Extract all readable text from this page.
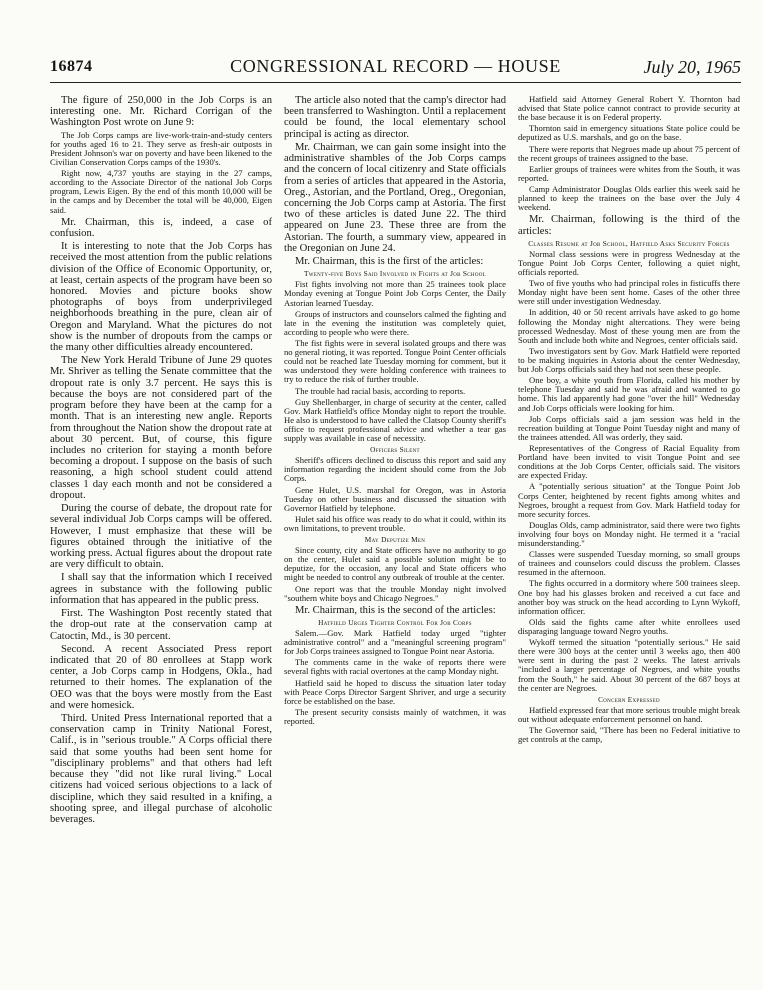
16874	CONGRESSIONAL RECORD — HOUSE	July 20, 1965

The figure of 250,000 in the Job Corps is an interesting one. Mr. Richard Corrigan of the Washington Post wrote on June 9:

The Job Corps camps are live-work-train-and-study centers for youths aged 16 to 21. They serve as fresh-air outposts in President Johnson's war on poverty and have been likened to the Civilian Conservation Corps camps of the 1930's.

Right now, 4,737 youths are staying in the 27 camps, according to the Associate Director of the national Job Corps program, Lewis Eigen. By the end of this month 10,000 will be in the camps and by December the total will be 40,000, Eigen said.

Mr. Chairman, this is, indeed, a case of confusion.

It is interesting to note that the Job Corps has received the most attention from the public relations division of the Office of Economic Opportunity, or, at least, certain aspects of the program have been so honored. Movies and picture books show photographs of boys from underprivileged neighborhoods breathing in the pure, clean air of Oregon and Maryland. What the pictures do not show is the number of dropouts from the camps or the many other difficulties already encountered.

The New York Herald Tribune of June 29 quotes Mr. Shriver as telling the Senate committee that the dropout rate is only 3.7 percent. He says this is because the boys are not considered part of the program before they have been at the camp for a month. That is an interesting new angle. Reports from throughout the Nation show the dropout rate at about 30 percent. But, of course, this figure includes no criterion for staying a month before becoming a dropout. I suppose on the basis of such reasoning, a high school student could attend classes 1 day each month and not be considered a dropout.

During the course of debate, the dropout rate for several individual Job Corps camps will be offered. However, I must emphasize that these will be figures obtained through the initiative of the working press. Actual figures about the dropout rate are very difficult to obtain.

I shall say that the information which I received agrees in substance with the following public information that has appeared in the public press.

First. The Washington Post recently stated that the drop-out rate at the conservation camp at Catoctin, Md., is 30 percent.

Second. A recent Associated Press report indicated that 20 of 80 enrollees at Stapp work center, a Job Corps camp in Hodgens, Okla., had returned to their homes. The explanation of the OEO was that the boys were mostly from the East and were homesick.

Third. United Press International reported that a conservation camp in Trinity National Forest, Calif., is in "serious trouble." A Corps official there said that some youths had been sent home for "disciplinary problems" and that others had left because they "did not like rural living." Local citizens had voiced serious objections to a lack of discipline, which they said resulted in a knifing, a shooting spree, and illegal purchase of alcoholic beverages.

The article also noted that the camp's director had been transferred to Washington. Until a replacement could be found, the local elementary school principal is acting as director.

Mr. Chairman, we can gain some insight into the administrative shambles of the Job Corps camps and the concern of local citizenry and State officials from a series of articles that appeared in the Astoria, Oreg., Astorian, and the Portland, Oreg., Oregonian, concerning the Job Corps camp at Astoria. The first two of these articles is dated June 22. The third appeared on June 23. These three are from the Astorian. The fourth, a summary view, appeared in the Oregonian on June 24.

Mr. Chairman, this is the first of the articles:

Twenty-five Boys Said Involved in Fights at Job School

Fist fights involving not more than 25 trainees took place Monday evening at Tongue Point Job Corps Center, the Daily Astorian learned Tuesday.

Groups of instructors and counselors calmed the fighting and late in the evening the institution was completely quiet, according to people who were there.

The fist fights were in several isolated groups and there was no general rioting, it was reported. Tongue Point Center officials could not be reached late Tuesday morning for comment, but it was understood they were holding conference with trainees to try to reduce the risk of further trouble.

The trouble had racial basis, according to reports.

Guy Shellenbarger, in charge of security at the center, called Gov. Mark Hatfield's office Monday night to report the trouble. He also is understood to have called the Clatsop County sheriff's office to request professional advice and whether a tear gas supply was available in case of necessity.

Officers Silent

Sheriff's officers declined to discuss this report and said any information regarding the incident should come from the Job Corps.

Gene Hulet, U.S. marshal for Oregon, was in Astoria Tuesday on other business and discussed the situation with Governor Hatfield by telephone.

Hulet said his office was ready to do what it could, within its own limitations, to prevent trouble.

May Deputize Men

Since county, city and State officers have no authority to go on the center, Hulet said a possible solution might be to deputize, for the occasion, any local and State officers who might be needed to control any outbreak of trouble at the center.

One report was that the trouble Monday night involved "southern white boys and Chicago Negroes."

Mr. Chairman, this is the second of the articles:

Hatfield Urges Tighter Control For Job Corps

Salem.—Gov. Mark Hatfield today urged "tighter administrative control" and a "meaningful screening program" for Job Corps trainees assigned to Tongue Point near Astoria.

The comments came in the wake of reports there were several fights with racial overtones at the camp Monday night.

Hatfield said he hoped to discuss the situation later today with Peace Corps Director Sargent Shriver, and urge a security force be established on the base.

The present security consists mainly of watchmen, it was reported.

Hatfield said Attorney General Robert Y. Thornton had advised that State police cannot contract to provide security at the base because it is on Federal property.

Thornton said in emergency situations State police could be deputized as U.S. marshals, and go on the base.

There were reports that Negroes made up about 75 percent of the recent groups of trainees assigned to the base.

Earlier groups of trainees were whites from the South, it was reported.

Camp Administrator Douglas Olds earlier this week said he planned to keep the trainees on the base over the July 4 weekend.

Mr. Chairman, following is the third of the articles:

Classes Resume at Job School, Hatfield Asks Security Forces

Normal class sessions were in progress Wednesday at the Tongue Point Job Corps Center, following a quiet night, officials reported.

Two of five youths who had principal roles in fisticuffs there Monday night have been sent home. Cases of the other three were still under investigation Wednesday.

In addition, 40 or 50 recent arrivals have asked to go home following the Monday night altercations. They were being processed Wednesday. Most of these young men are from the South and include both white and Negroes, center officials said.

Two investigators sent by Gov. Mark Hatfield were reported to be making inquiries in Astoria about the center Wednesday, but Job Corps officials said they had not seen these people.

One boy, a white youth from Florida, called his mother by telephone Tuesday and said he was afraid and wanted to go home. This lad apparently had gone "over the hill" Wednesday and Job Corps officials were looking for him.

Job Corps officials said a jam session was held in the recreation building at Tongue Point Tuesday night and many of the trainees attended. All was orderly, they said.

Representatives of the Congress of Racial Equality from Portland have been invited to visit Tongue Point and see conditions at the Job Corps Center, officials said. The visitors are expected Friday.

A "potentially serious situation" at the Tongue Point Job Corps Center, heightened by recent fights among whites and Negroes, brought a request from Gov. Mark Hatfield today for more security forces.

Douglas Olds, camp administrator, said there were two fights involving four boys on Monday night. He termed it a "racial misunderstanding."

Classes were suspended Tuesday morning, so small groups of trainees and counselors could discuss the problem. Classes resumed in the afternoon.

The fights occurred in a dormitory where 500 trainees sleep. One boy had his glasses broken and received a cut face and another boy was struck on the head according to Lynn Wykoff, information officer.

Olds said the fights came after white enrollees used disparaging language toward Negro youths.

Wykoff termed the situation "potentially serious." He said there were 300 boys at the center until 3 weeks ago, then 400 were sent in during the past 2 weeks. The latest arrivals "included a larger percentage of Negroes, and white youths from the South," he said. About 30 percent of the 687 boys at the center are Negroes.

Concern Expressed

Hatfield expressed fear that more serious trouble might break out without adequate enforcement personnel on hand.

The Governor said, "There has been no Federal initiative to get controls at the camp,
